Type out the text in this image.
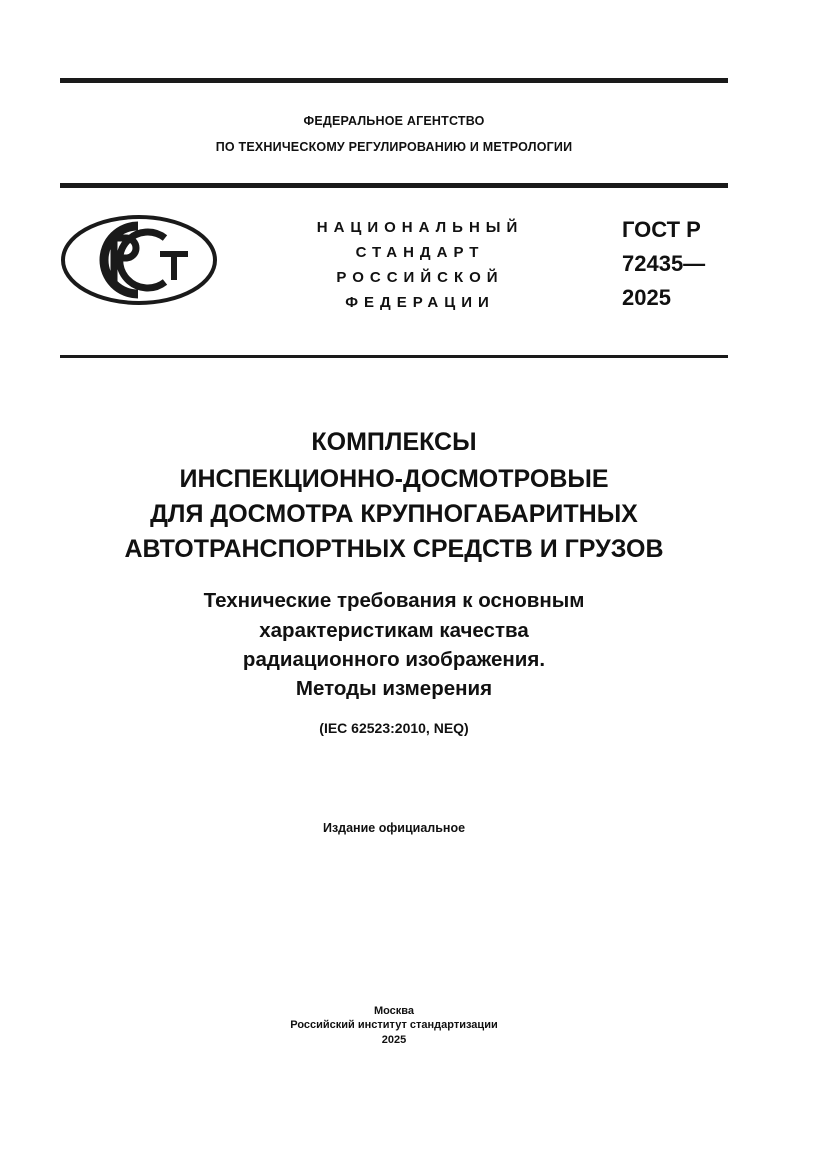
ФЕДЕРАЛЬНОЕ АГЕНТСТВО
ПО ТЕХНИЧЕСКОМУ РЕГУЛИРОВАНИЮ И МЕТРОЛОГИИ
НАЦИОНАЛЬНЫЙ
СТАНДАРТ
РОССИЙСКОЙ
ФЕДЕРАЦИИ
ГОСТ Р
72435—
2025
КОМПЛЕКСЫ
ИНСПЕКЦИОННО-ДОСМОТРОВЫЕ
ДЛЯ ДОСМОТРА КРУПНОГАБАРИТНЫХ
АВТОТРАНСПОРТНЫХ СРЕДСТВ И ГРУЗОВ
Технические требования к основным
характеристикам качества
радиационного изображения.
Методы измерения
(IEC 62523:2010, NEQ)
Издание официальное
Москва
Российский институт стандартизации
2025
